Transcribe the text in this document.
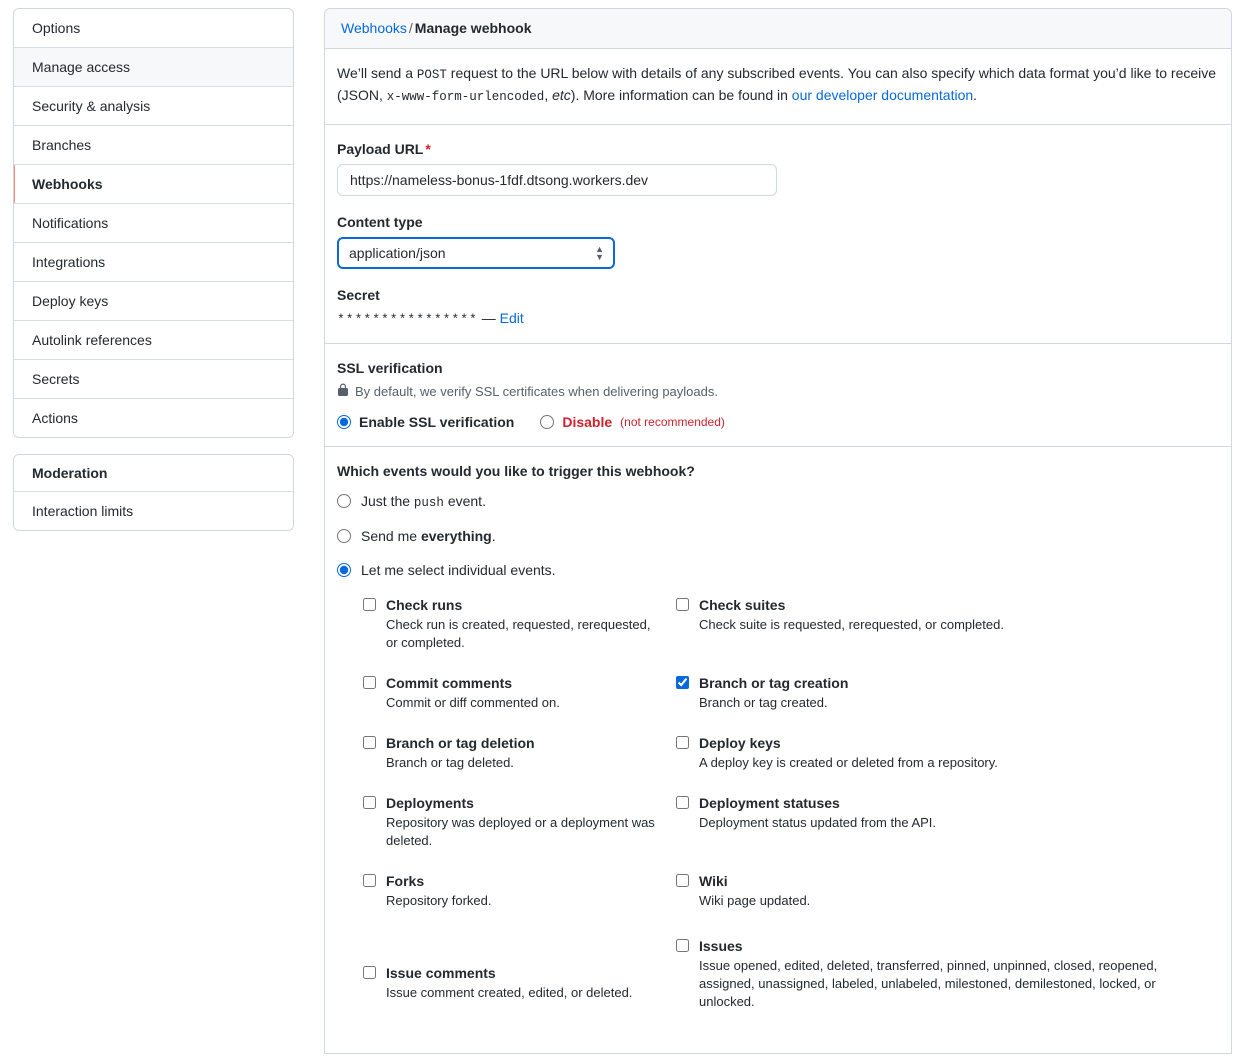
Options
Manage access
Security & analysis
Branches
Webhooks
Notifications
Integrations
Deploy keys
Autolink references
Secrets
Actions
Moderation
Interaction limits
Webhooks / Manage webhook
We’ll send a POST request to the URL below with details of any subscribed events. You can also specify which data format you’d like to receive (JSON, x-www-form-urlencoded, etc). More information can be found in our developer documentation.
Payload URL *
https://nameless-bonus-1fdf.dtsong.workers.dev
Content type
application/json
▲
▼
Secret
**************** — Edit
SSL verification
By default, we verify SSL certificates when delivering payloads.
Enable SSL verification	Disable (not recommended)
Which events would you like to trigger this webhook?
Just the push event.
Send me everything.
Let me select individual events.
Check runs
Check run is created, requested, rerequested, or completed.
Check suites
Check suite is requested, rerequested, or completed.
Commit comments
Commit or diff commented on.
Branch or tag creation
Branch or tag created.
Branch or tag deletion
Branch or tag deleted.
Deploy keys
A deploy key is created or deleted from a repository.
Deployments
Repository was deployed or a deployment was deleted.
Deployment statuses
Deployment status updated from the API.
Forks
Repository forked.
Wiki
Wiki page updated.
Issue comments
Issue comment created, edited, or deleted.
Issues
Issue opened, edited, deleted, transferred, pinned, unpinned, closed, reopened, assigned, unassigned, labeled, unlabeled, milestoned, demilestoned, locked, or unlocked.
